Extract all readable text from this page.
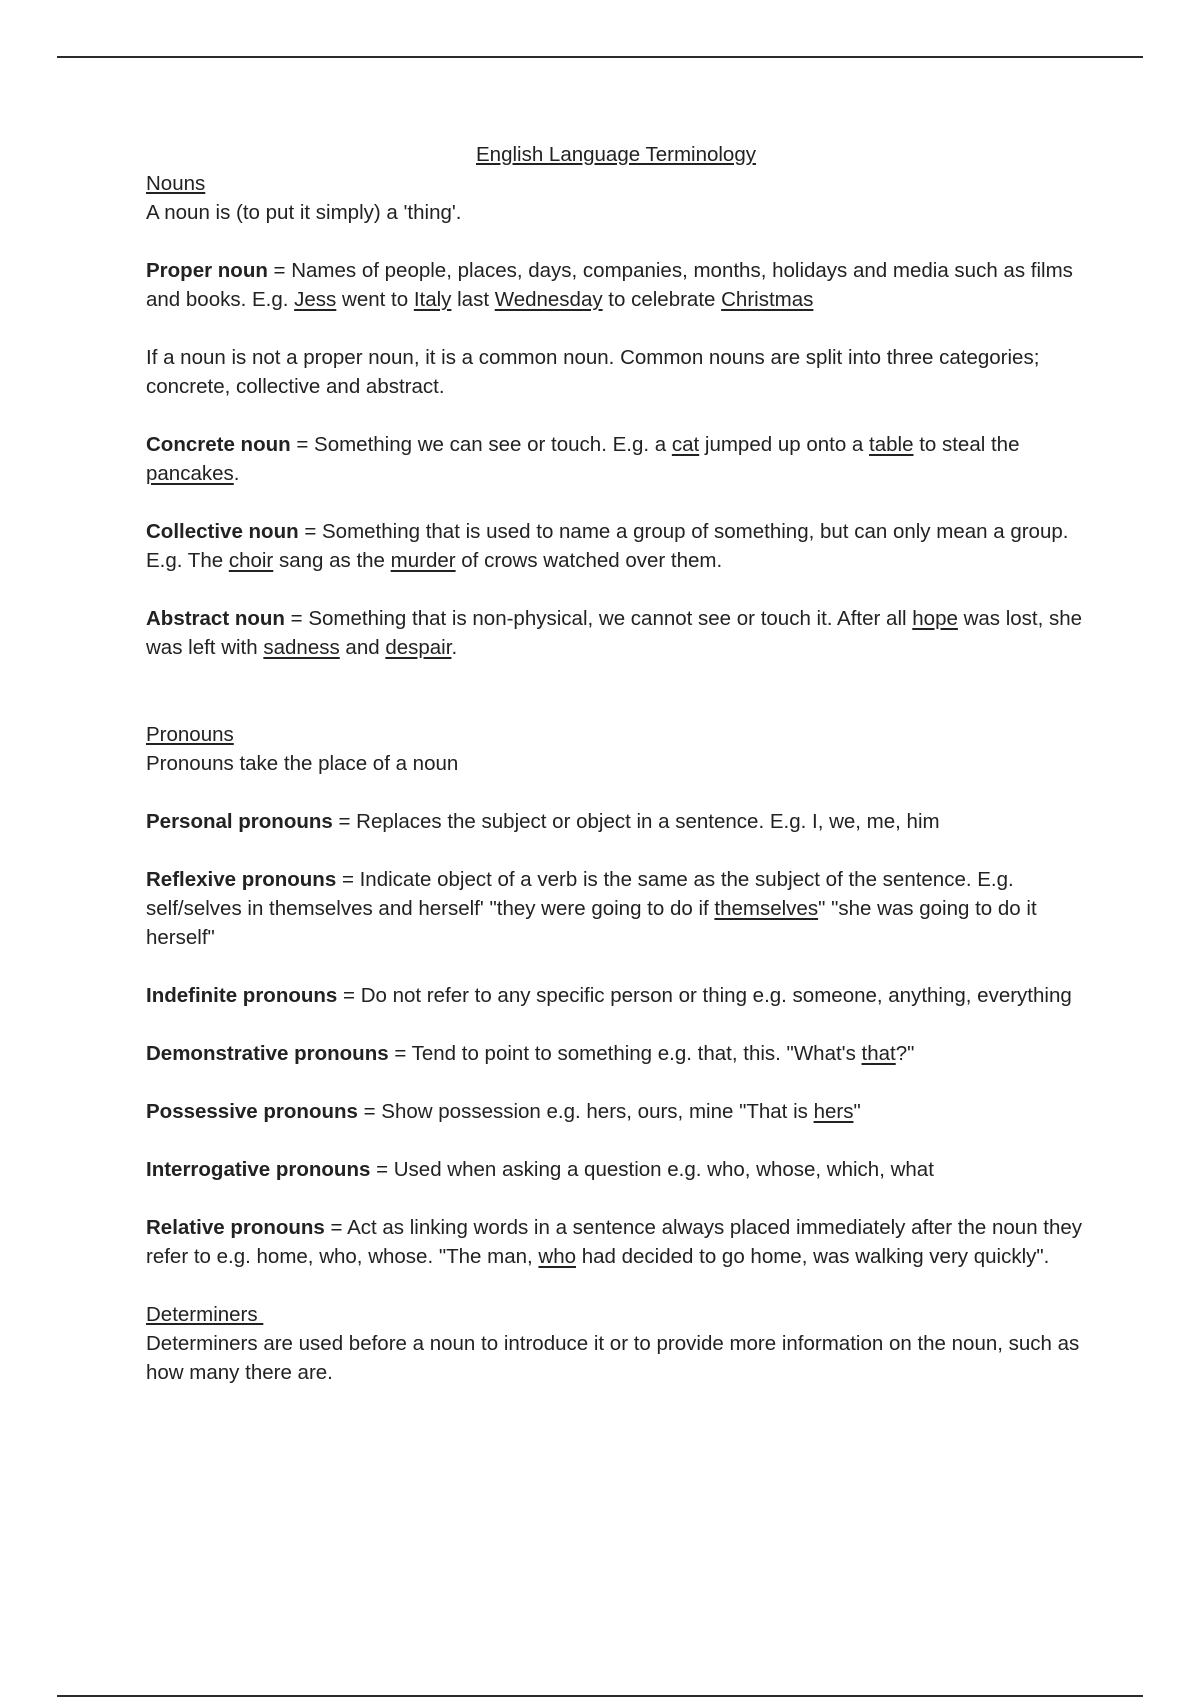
English Language Terminology

Nouns

A noun is (to put it simply) a 'thing'.

Proper noun = Names of people, places, days, companies, months, holidays and media such as films and books. E.g. Jess went to Italy last Wednesday to celebrate Christmas

If a noun is not a proper noun, it is a common noun. Common nouns are split into three categories; concrete, collective and abstract.

Concrete noun = Something we can see or touch. E.g. a cat jumped up onto a table to steal the pancakes.

Collective noun = Something that is used to name a group of something, but can only mean a group. E.g. The choir sang as the murder of crows watched over them.

Abstract noun = Something that is non-physical, we cannot see or touch it. After all hope was lost, she was left with sadness and despair.

Pronouns

Pronouns take the place of a noun

Personal pronouns = Replaces the subject or object in a sentence. E.g. I, we, me, him

Reflexive pronouns = Indicate object of a verb is the same as the subject of the sentence. E.g. self/selves in themselves and herself' "they were going to do if themselves" "she was going to do it herself"

Indefinite pronouns = Do not refer to any specific person or thing e.g. someone, anything, everything

Demonstrative pronouns = Tend to point to something e.g. that, this. "What's that?"

Possessive pronouns = Show possession e.g. hers, ours, mine "That is hers"

Interrogative pronouns = Used when asking a question e.g. who, whose, which, what

Relative pronouns = Act as linking words in a sentence always placed immediately after the noun they refer to e.g. home, who, whose. "The man, who had decided to go home, was walking very quickly".

Determiners

Determiners are used before a noun to introduce it or to provide more information on the noun, such as how many there are.
